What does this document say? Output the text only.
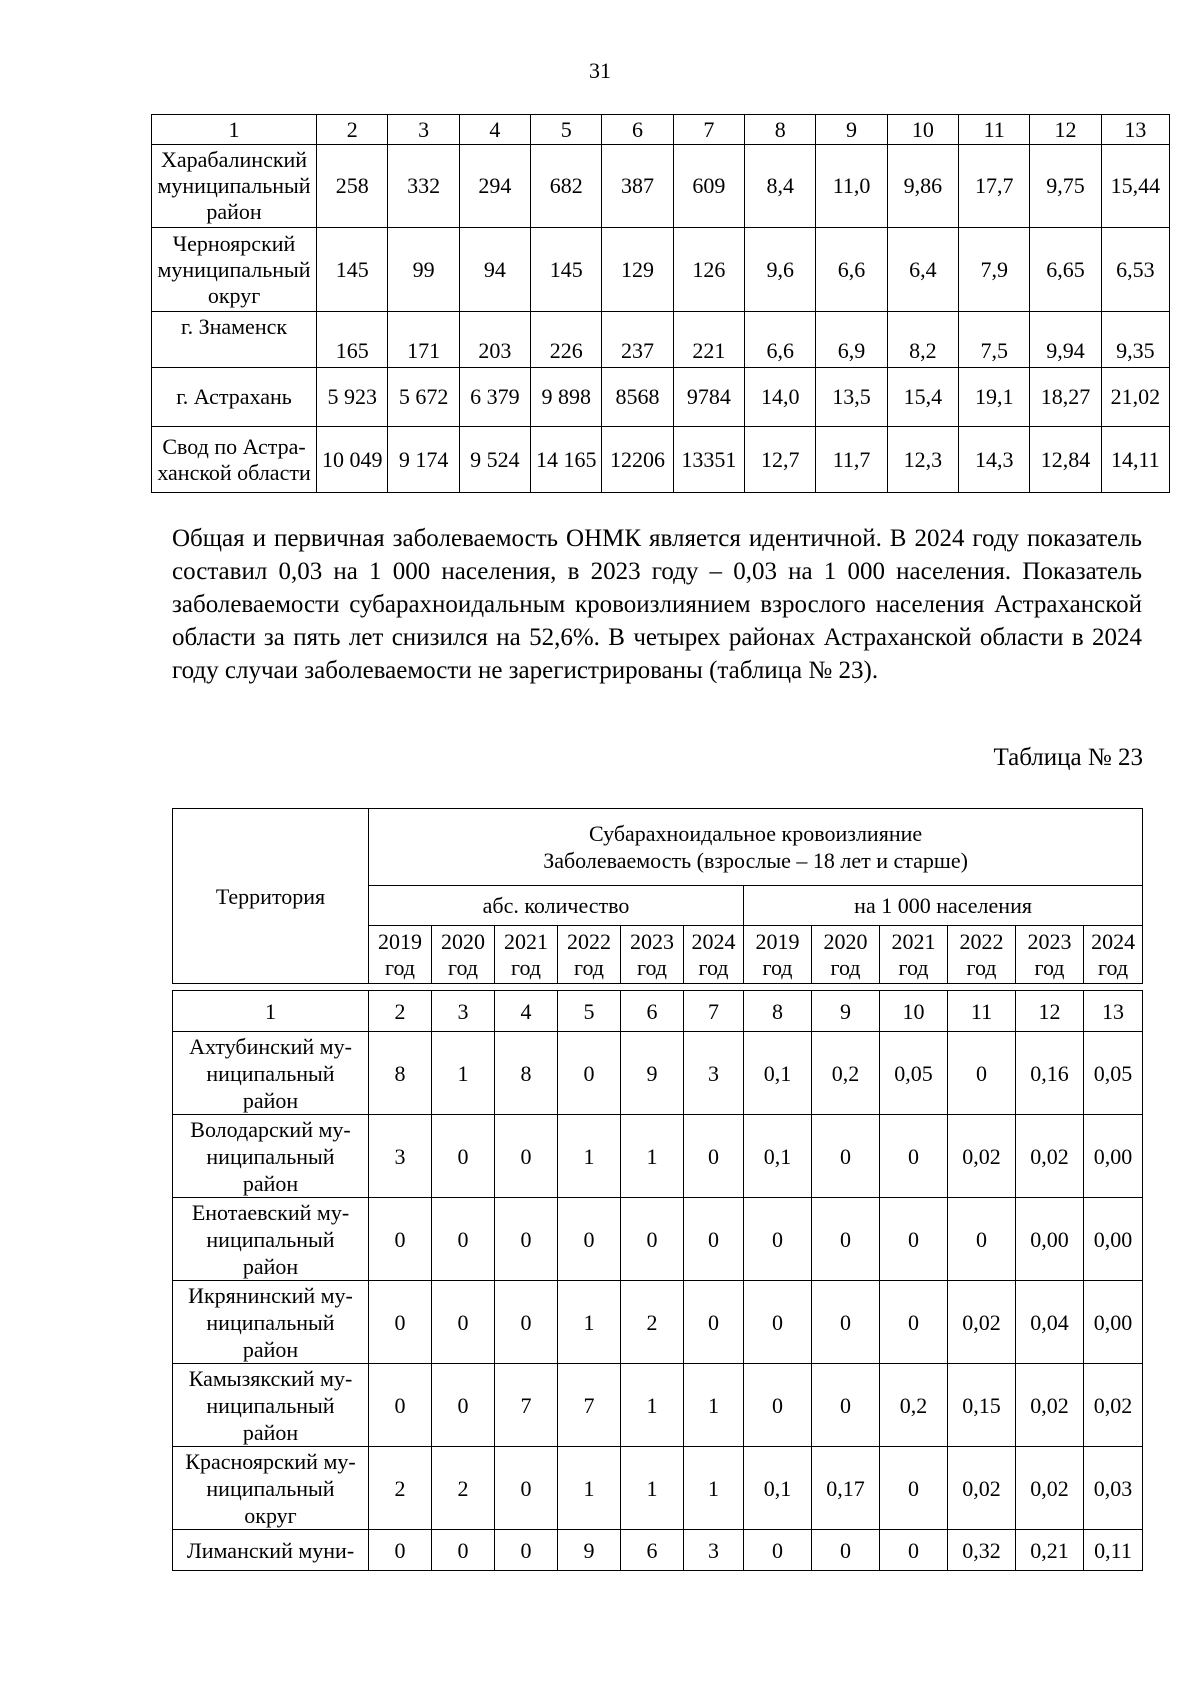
31
1	2	3	4	5	6	7	8	9	10	11	12	13
Харабалинский
муниципальный
район	258	332	294	682	387	609	8,4	11,0	9,86	17,7	9,75	15,44
Черноярский
муниципальный
округ	145	99	94	145	129	126	9,6	6,6	6,4	7,9	6,65	6,53
г. Знаменск	165	171	203	226	237	221	6,6	6,9	8,2	7,5	9,94	9,35
г. Астрахань	5 923	5 672	6 379	9 898	8568	9784	14,0	13,5	15,4	19,1	18,27	21,02
Свод по Астра-
ханской области	10 049	9 174	9 524	14 165	12206	13351	12,7	11,7	12,3	14,3	12,84	14,11

Общая и первичная заболеваемость ОНМК является идентичной. В 2024 году показатель составил 0,03 на 1 000 населения, в 2023 году – 0,03 на 1 000 населения. Показатель заболеваемости субарахноидальным кровоизлиянием взрослого населения Астраханской области за пять лет снизился на 52,6%. В четырех районах Астраханской области в 2024 году случаи заболеваемости не зарегистрированы (таблица № 23).

Таблица № 23

Территория	Субарахноидальное кровоизлияние
Заболеваемость (взрослые – 18 лет и старше)											
	абс. количество						на 1 000 населения					
	2019
год	2020
год	2021
год	2022
год	2023
год	2024
год	2019
год	2020
год	2021
год	2022
год	2023
год	2024
год
1	2	3	4	5	6	7	8	9	10	11	12	13
Ахтубинский му-
ниципальный
район	8	1	8	0	9	3	0,1	0,2	0,05	0	0,16	0,05
Володарский му-
ниципальный
район	3	0	0	1	1	0	0,1	0	0	0,02	0,02	0,00
Енотаевский му-
ниципальный
район	0	0	0	0	0	0	0	0	0	0	0,00	0,00
Икрянинский му-
ниципальный
район	0	0	0	1	2	0	0	0	0	0,02	0,04	0,00
Камызякский му-
ниципальный
район	0	0	7	7	1	1	0	0	0,2	0,15	0,02	0,02
Красноярский му-
ниципальный
округ	2	2	0	1	1	1	0,1	0,17	0	0,02	0,02	0,03
Лиманский муни-	0	0	0	9	6	3	0	0	0	0,32	0,21	0,11
